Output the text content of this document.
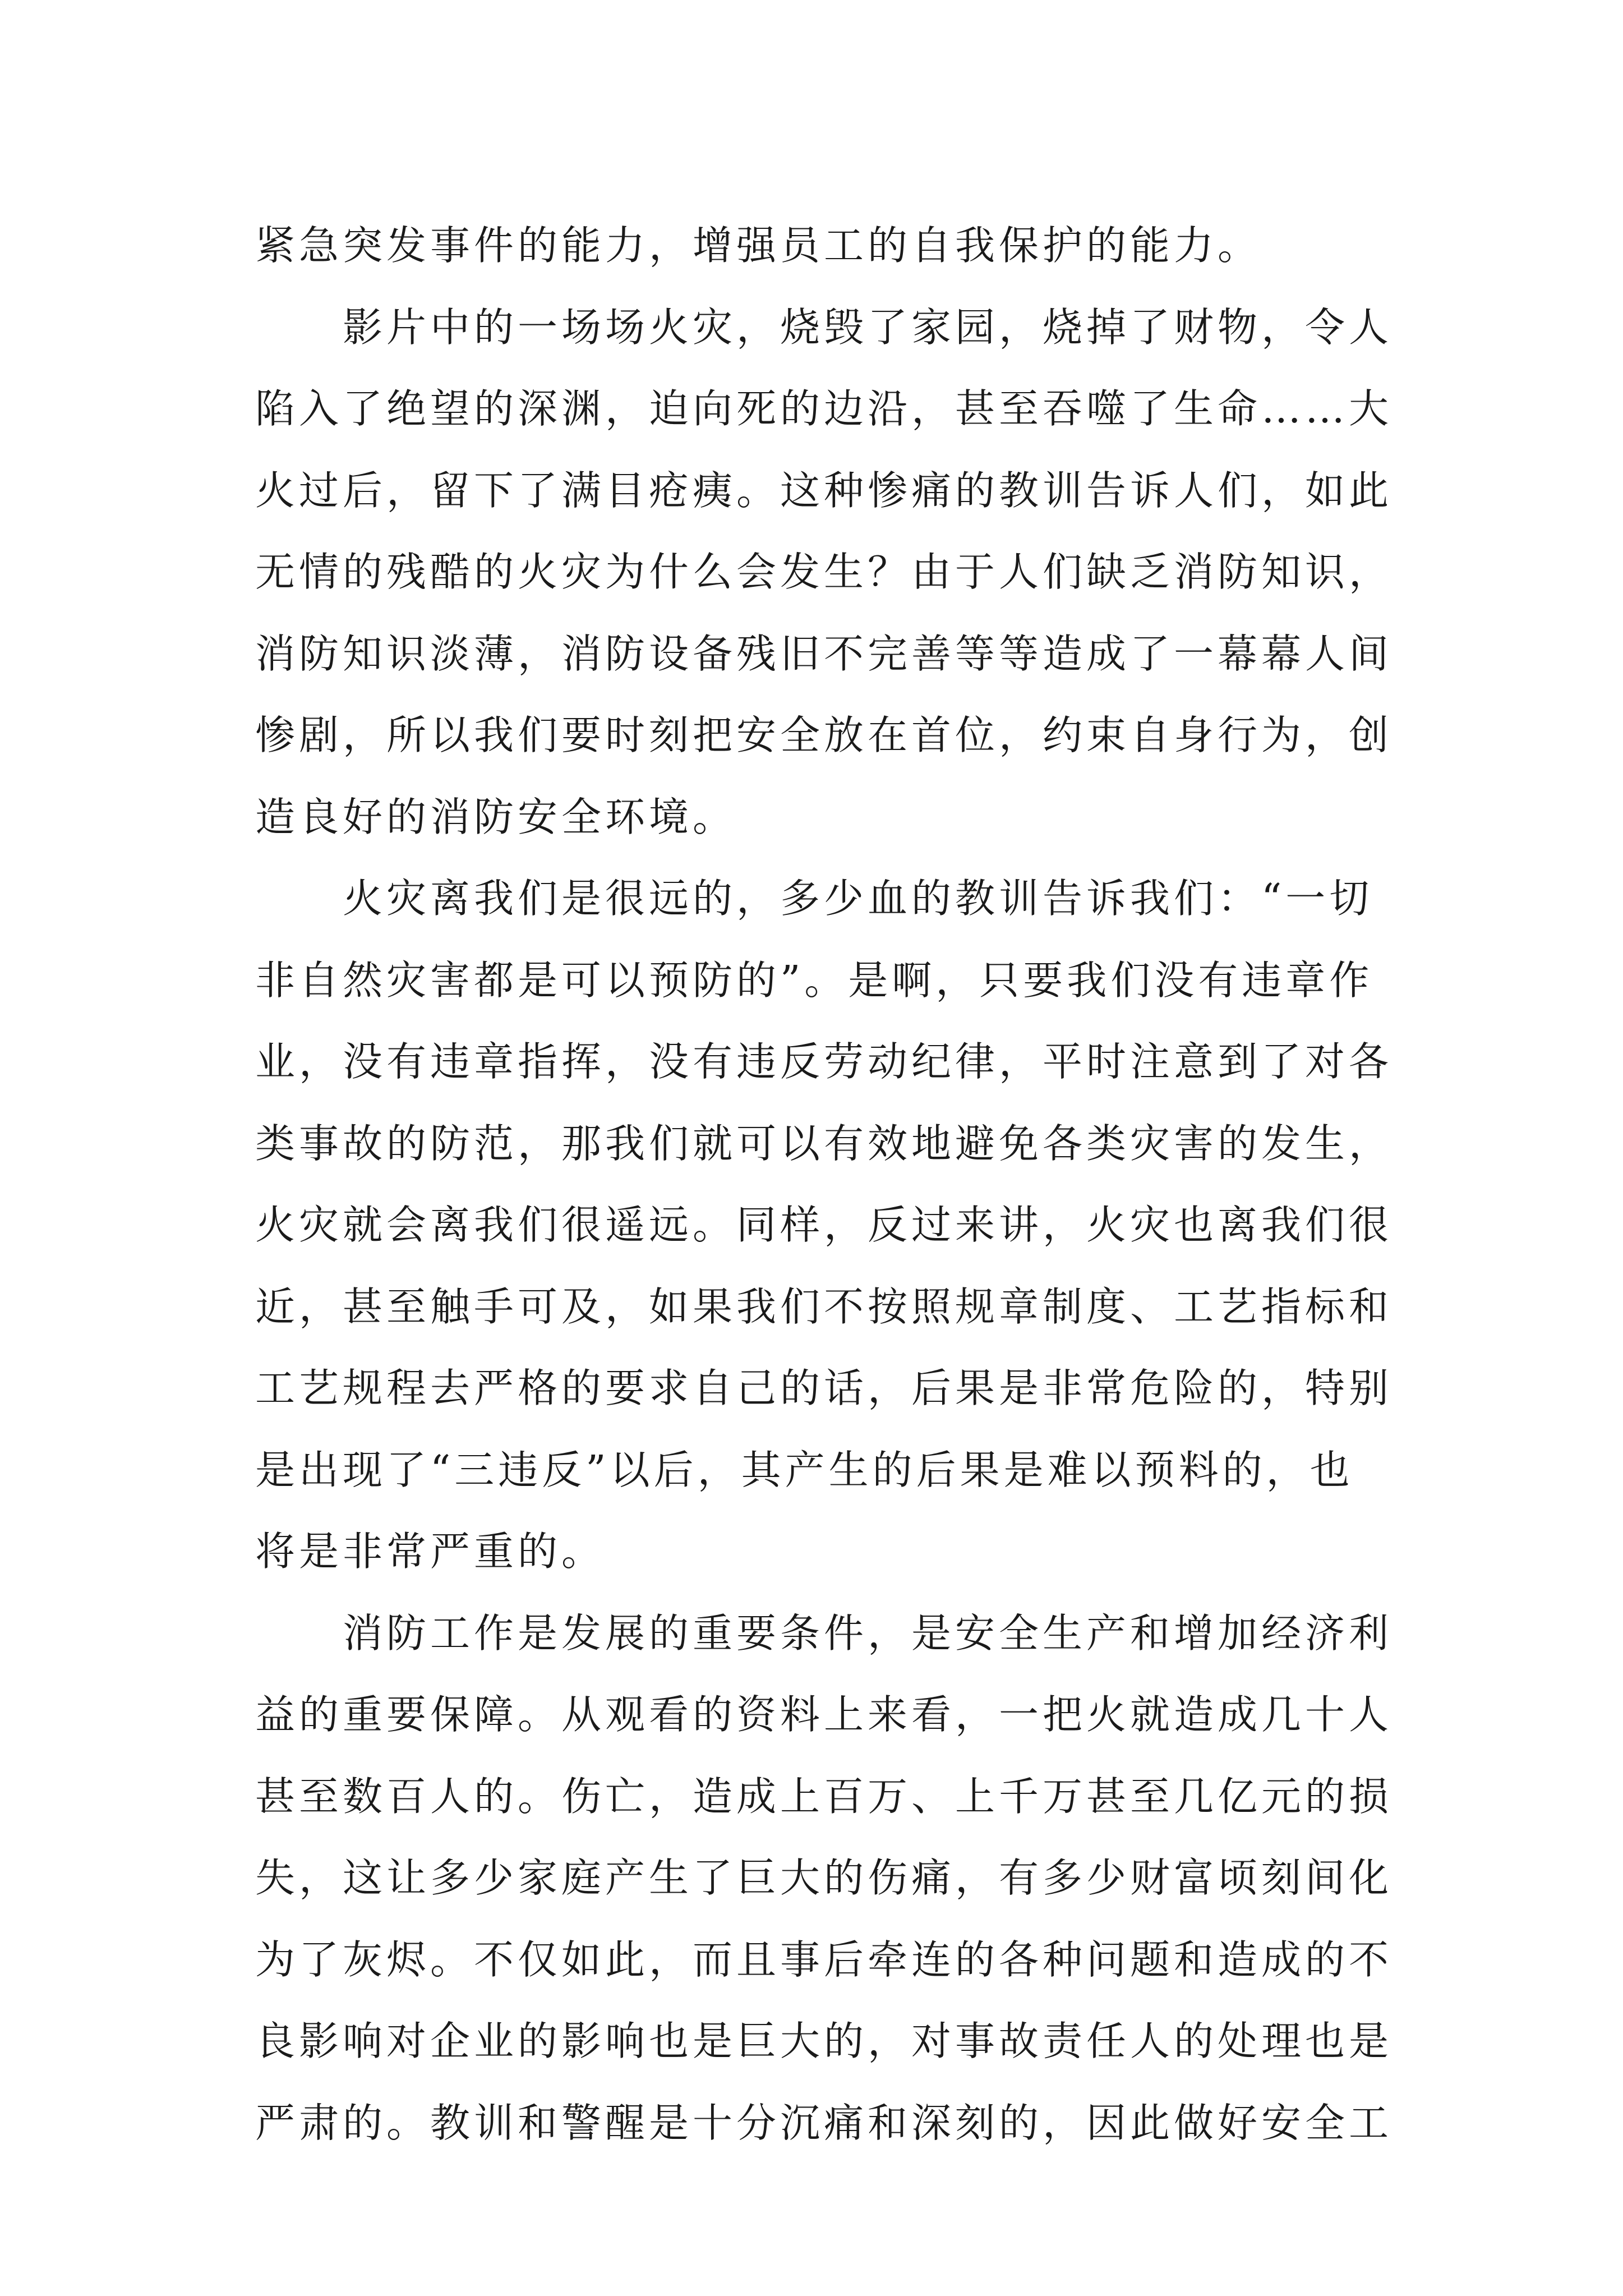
紧急突发事件的能力，增强员工的自我保护的能力。
影片中的一场场火灾，烧毁了家园，烧掉了财物，令人
陷入了绝望的深渊，迫向死的边沿，甚至吞噬了生命……大
火过后，留下了满目疮痍。这种惨痛的教训告诉人们，如此
无情的残酷的火灾为什么会发生？由于人们缺乏消防知识，
消防知识淡薄，消防设备残旧不完善等等造成了一幕幕人间
惨剧，所以我们要时刻把安全放在首位，约束自身行为，创
造良好的消防安全环境。
火灾离我们是很远的，多少血的教训告诉我们：“一切
非自然灾害都是可以预防的”。是啊，只要我们没有违章作
业，没有违章指挥，没有违反劳动纪律，平时注意到了对各
类事故的防范，那我们就可以有效地避免各类灾害的发生，
火灾就会离我们很遥远。同样，反过来讲，火灾也离我们很
近，甚至触手可及，如果我们不按照规章制度、工艺指标和
工艺规程去严格的要求自己的话，后果是非常危险的，特别
是出现了“三违反”以后，其产生的后果是难以预料的，也
将是非常严重的。
消防工作是发展的重要条件，是安全生产和增加经济利
益的重要保障。从观看的资料上来看，一把火就造成几十人
甚至数百人的。伤亡，造成上百万、上千万甚至几亿元的损
失，这让多少家庭产生了巨大的伤痛，有多少财富顷刻间化
为了灰烬。不仅如此，而且事后牵连的各种问题和造成的不
良影响对企业的影响也是巨大的，对事故责任人的处理也是
严肃的。教训和警醒是十分沉痛和深刻的，因此做好安全工
